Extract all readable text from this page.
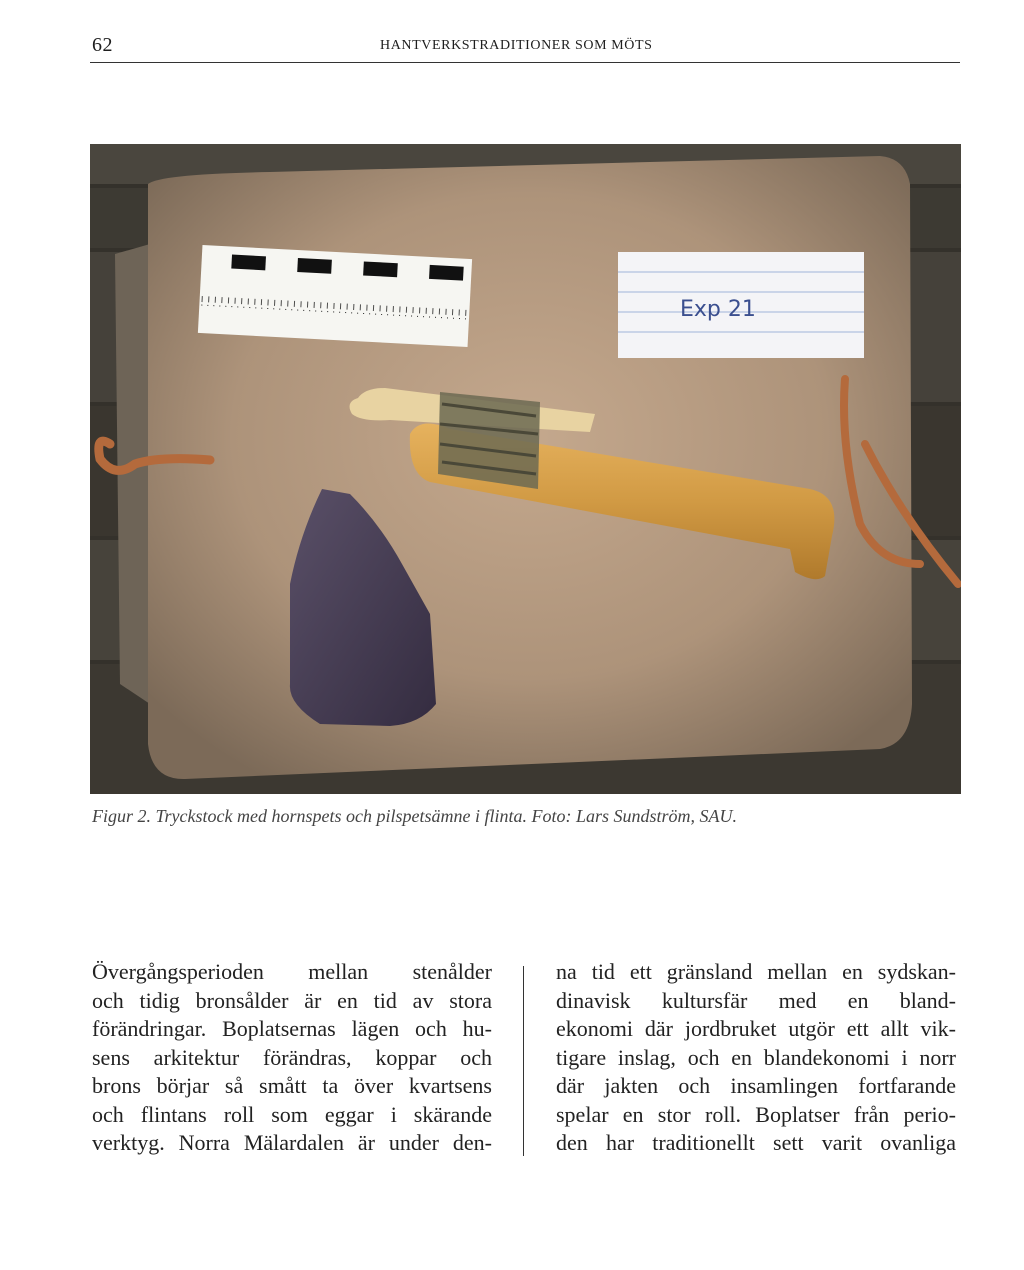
62	HANTVERKSTRADITIONER SOM MÖTS
Exp 21
Figur 2. Tryckstock med hornspets och pilspetsämne i flinta. Foto: Lars Sundström, SAU.
Övergångsperioden mellan stenålder
och tidig bronsålder är en tid av stora
förändringar. Boplatsernas lägen och hu-
sens arkitektur förändras, koppar och
brons börjar så smått ta över kvartsens
och flintans roll som eggar i skärande
verktyg. Norra Mälardalen är under den-
na tid ett gränsland mellan en sydskan-
dinavisk kultursfär med en bland-
ekonomi där jordbruket utgör ett allt vik-
tigare inslag, och en blandekonomi i norr
där jakten och insamlingen fortfarande
spelar en stor roll. Boplatser från perio-
den har traditionellt sett varit ovanliga
